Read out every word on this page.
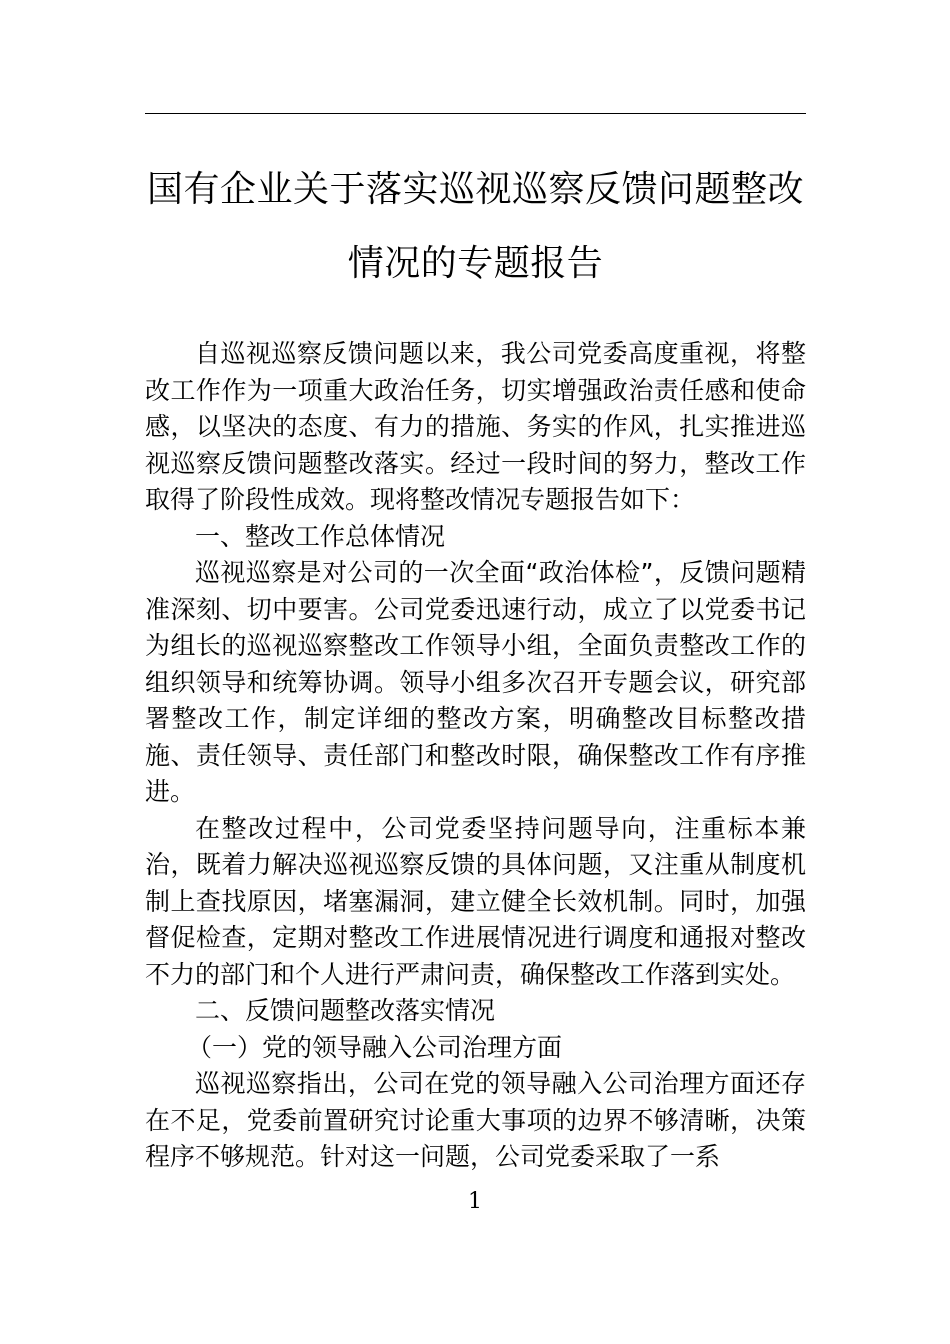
国有企业关于落实巡视巡察反馈问题整改
情况的专题报告

自巡视巡察反馈问题以来，我公司党委高度重视，将整改工作作为一项重大政治任务，切实增强政治责任感和使命感，以坚决的态度、有力的措施、务实的作风，扎实推进巡视巡察反馈问题整改落实。经过一段时间的努力，整改工作取得了阶段性成效。现将整改情况专题报告如下：

一、整改工作总体情况

巡视巡察是对公司的一次全面“政治体检”，反馈问题精准深刻、切中要害。公司党委迅速行动，成立了以党委书记为组长的巡视巡察整改工作领导小组，全面负责整改工作的组织领导和统筹协调。领导小组多次召开专题会议，研究部署整改工作，制定详细的整改方案，明确整改目标整改措施、责任领导、责任部门和整改时限，确保整改工作有序推进。

在整改过程中，公司党委坚持问题导向，注重标本兼治，既着力解决巡视巡察反馈的具体问题，又注重从制度机制上查找原因，堵塞漏洞，建立健全长效机制。同时，加强督促检查，定期对整改工作进展情况进行调度和通报对整改不力的部门和个人进行严肃问责，确保整改工作落到实处。

二、反馈问题整改落实情况

（一）党的领导融入公司治理方面

巡视巡察指出，公司在党的领导融入公司治理方面还存在不足，党委前置研究讨论重大事项的边界不够清晰，决策程序不够规范。针对这一问题，公司党委采取了一系

1
